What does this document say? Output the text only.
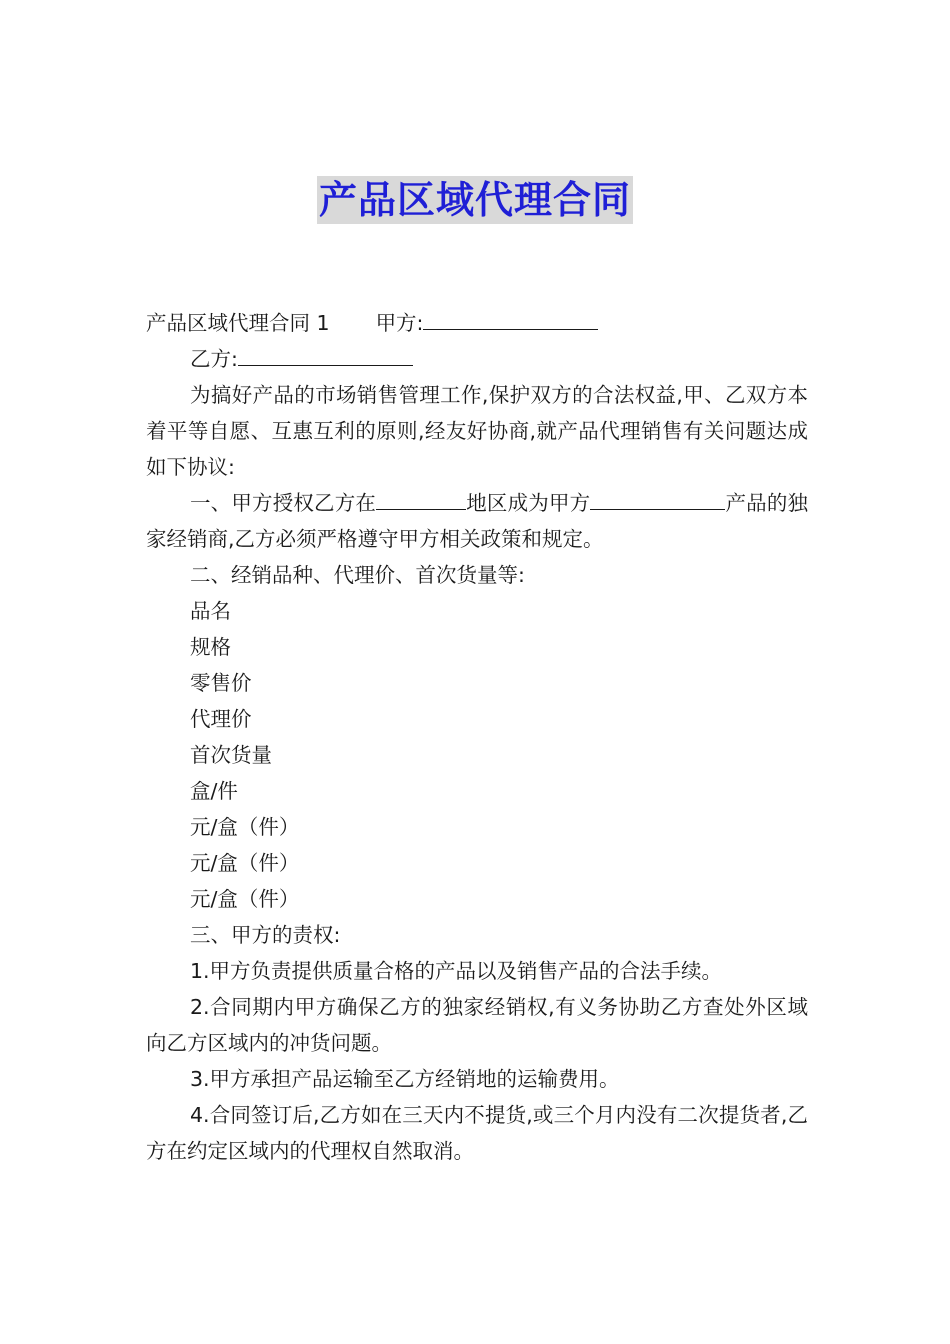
产品区域代理合同

产品区域代理合同 1 甲方:

乙方:

为搞好产品的市场销售管理工作,保护双方的合法权益,甲、乙双方本着平等自愿、互惠互利的原则,经友好协商,就产品代理销售有关问题达成如下协议:

一、甲方授权乙方在	地区成为甲方	产品的独家经销商,乙方必须严格遵守甲方相关政策和规定。

二、经销品种、代理价、首次货量等:

品名

规格

零售价

代理价

首次货量

盒/件

元/盒（件）

元/盒（件）

元/盒（件）

三、甲方的责权:

1.甲方负责提供质量合格的产品以及销售产品的合法手续。

2.合同期内甲方确保乙方的独家经销权,有义务协助乙方查处外区域向乙方区域内的冲货问题。

3.甲方承担产品运输至乙方经销地的运输费用。

4.合同签订后,乙方如在三天内不提货,或三个月内没有二次提货者,乙方在约定区域内的代理权自然取消。
